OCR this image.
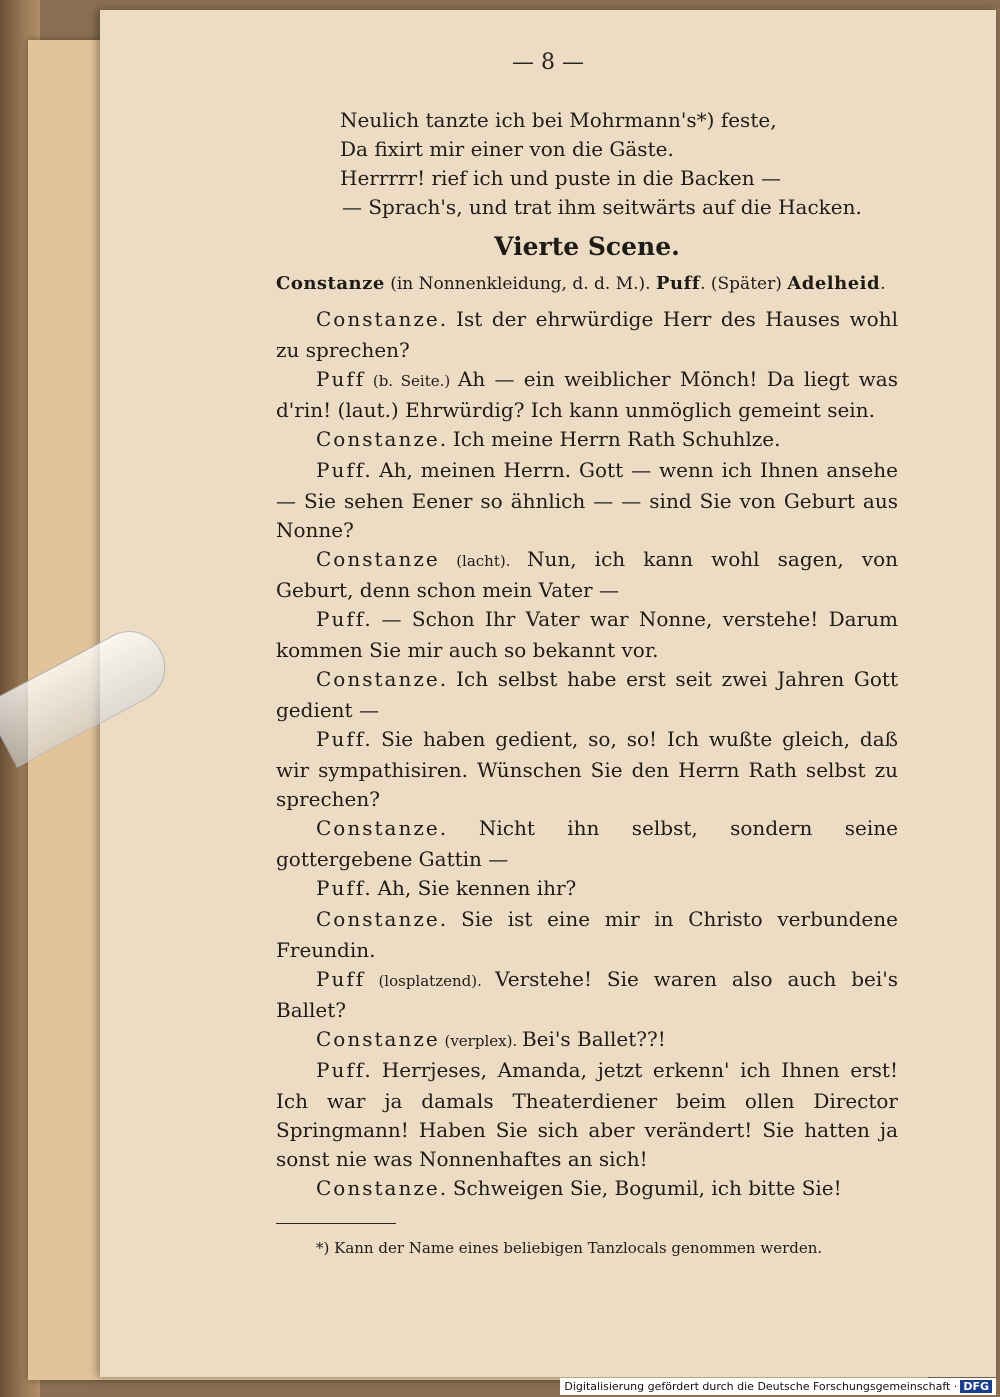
— 8 —
Neulich tanzte ich bei Mohrmann's*) feste,
Da fixirt mir einer von die Gäste.
Herrrrr! rief ich und puste in die Backen —
— Sprach's, und trat ihm seitwärts auf die Hacken.
Vierte Scene.
Constanze (in Nonnenkleidung, d. d. M.). Puff. (Später) Adelheid.
Constanze. Ist der ehrwürdige Herr des Hauses wohl zu sprechen?
Puff (b. Seite.) Ah — ein weiblicher Mönch! Da liegt was d'rin! (laut.) Ehrwürdig? Ich kann unmöglich gemeint sein.
Constanze. Ich meine Herrn Rath Schuhlze.
Puff. Ah, meinen Herrn. Gott — wenn ich Ihnen ansehe — Sie sehen Eener so ähnlich — — sind Sie von Geburt aus Nonne?
Constanze (lacht). Nun, ich kann wohl sagen, von Geburt, denn schon mein Vater —
Puff. — Schon Ihr Vater war Nonne, verstehe! Darum kommen Sie mir auch so bekannt vor.
Constanze. Ich selbst habe erst seit zwei Jahren Gott gedient —
Puff. Sie haben gedient, so, so! Ich wußte gleich, daß wir sympathisiren. Wünschen Sie den Herrn Rath selbst zu sprechen?
Constanze. Nicht ihn selbst, sondern seine gottergebene Gattin —
Puff. Ah, Sie kennen ihr?
Constanze. Sie ist eine mir in Christo verbundene Freundin.
Puff (losplatzend). Verstehe! Sie waren also auch bei's Ballet?
Constanze (verplex). Bei's Ballet??!
Puff. Herrjeses, Amanda, jetzt erkenn' ich Ihnen erst! Ich war ja damals Theaterdiener beim ollen Director Springmann! Haben Sie sich aber verändert! Sie hatten ja sonst nie was Nonnenhaftes an sich!
Constanze. Schweigen Sie, Bogumil, ich bitte Sie!
*) Kann der Name eines beliebigen Tanzlocals genommen werden.
Digitalisierung gefördert durch die Deutsche Forschungsgemeinschaft · DFG
